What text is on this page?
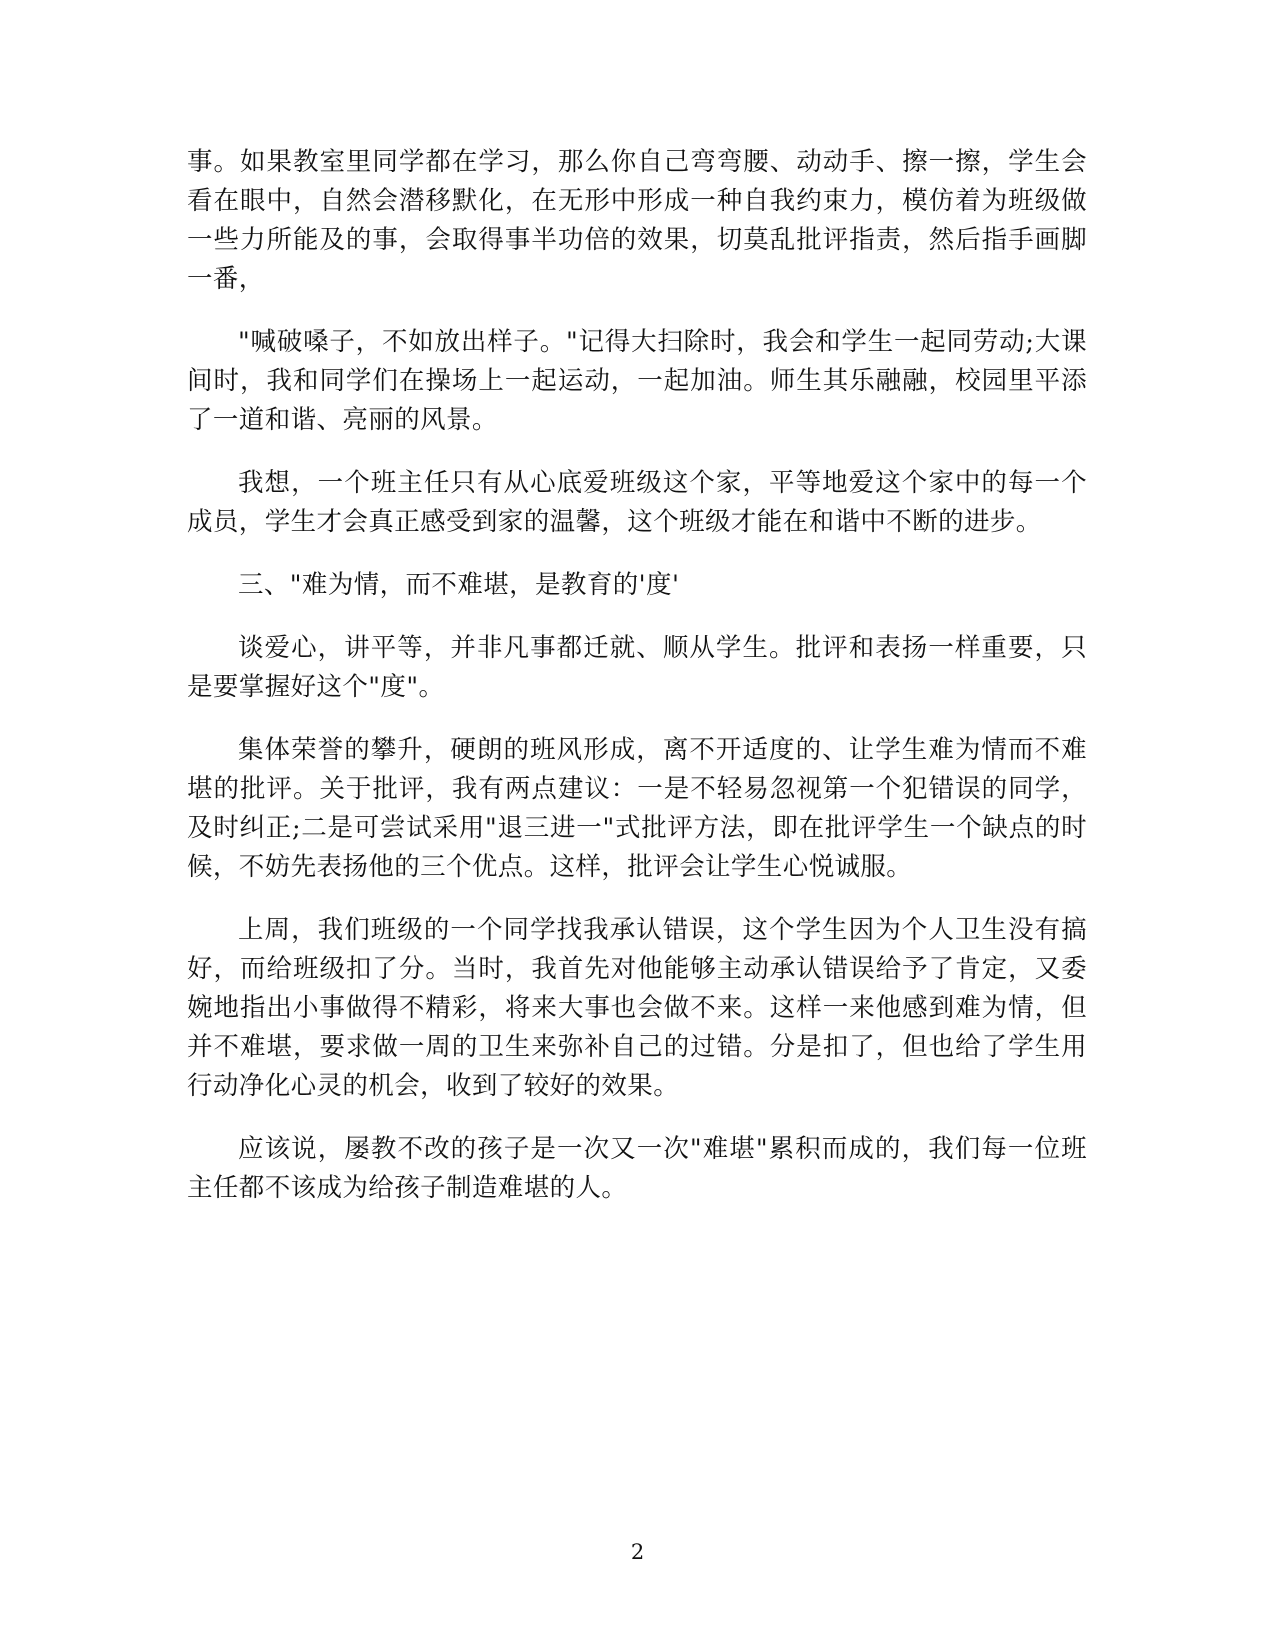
事。如果教室里同学都在学习，那么你自己弯弯腰、动动手、擦一擦，学生会看在眼中，自然会潜移默化，在无形中形成一种自我约束力，模仿着为班级做一些力所能及的事，会取得事半功倍的效果，切莫乱批评指责，然后指手画脚一番，

"喊破嗓子，不如放出样子。"记得大扫除时，我会和学生一起同劳动;大课间时，我和同学们在操场上一起运动，一起加油。师生其乐融融，校园里平添了一道和谐、亮丽的风景。

我想，一个班主任只有从心底爱班级这个家，平等地爱这个家中的每一个成员，学生才会真正感受到家的温馨，这个班级才能在和谐中不断的进步。

三、"难为情，而不难堪，是教育的'度'

谈爱心，讲平等，并非凡事都迁就、顺从学生。批评和表扬一样重要，只是要掌握好这个"度"。

集体荣誉的攀升，硬朗的班风形成，离不开适度的、让学生难为情而不难堪的批评。关于批评，我有两点建议：一是不轻易忽视第一个犯错误的同学，及时纠正;二是可尝试采用"退三进一"式批评方法，即在批评学生一个缺点的时候，不妨先表扬他的三个优点。这样，批评会让学生心悦诚服。

上周，我们班级的一个同学找我承认错误，这个学生因为个人卫生没有搞好，而给班级扣了分。当时，我首先对他能够主动承认错误给予了肯定，又委婉地指出小事做得不精彩，将来大事也会做不来。这样一来他感到难为情，但并不难堪，要求做一周的卫生来弥补自己的过错。分是扣了，但也给了学生用行动净化心灵的机会，收到了较好的效果。

应该说，屡教不改的孩子是一次又一次"难堪"累积而成的，我们每一位班主任都不该成为给孩子制造难堪的人。

2
